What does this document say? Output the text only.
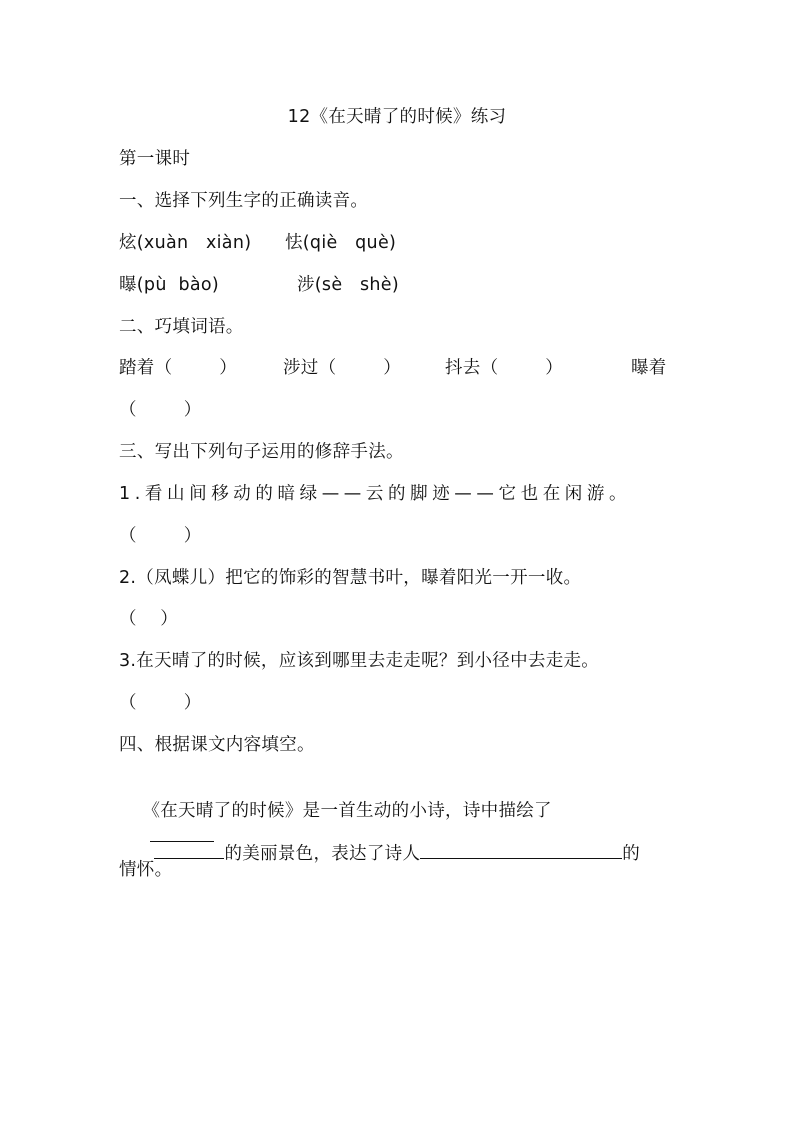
12《在天晴了的时候》练习
第一课时
一、选择下列生字的正确读音。

炫(xuàn   xiàn)

怯(qiè   què)

曝(pù  bào)

	涉(sè   shè)

二、巧填词语。

踏着（        ）

	涉过（        ）

	抖去（        ）

	曝着

（        ）
三、写出下列句子运用的修辞手法。
1.看山间移动的暗绿——云的脚迹——它也在闲游。
（        ）
2.（凤蝶儿）把它的饰彩的智慧书叶，曝着阳光一开一收。
（    ）
3.在天晴了的时候，应该到哪里去走走呢？到小径中去走走。
（        ）
四、根据课文内容填空。

《在天晴了的时候》是一首生动的小诗，诗中描绘了

的美丽景色，表达了诗人	的

情怀。
